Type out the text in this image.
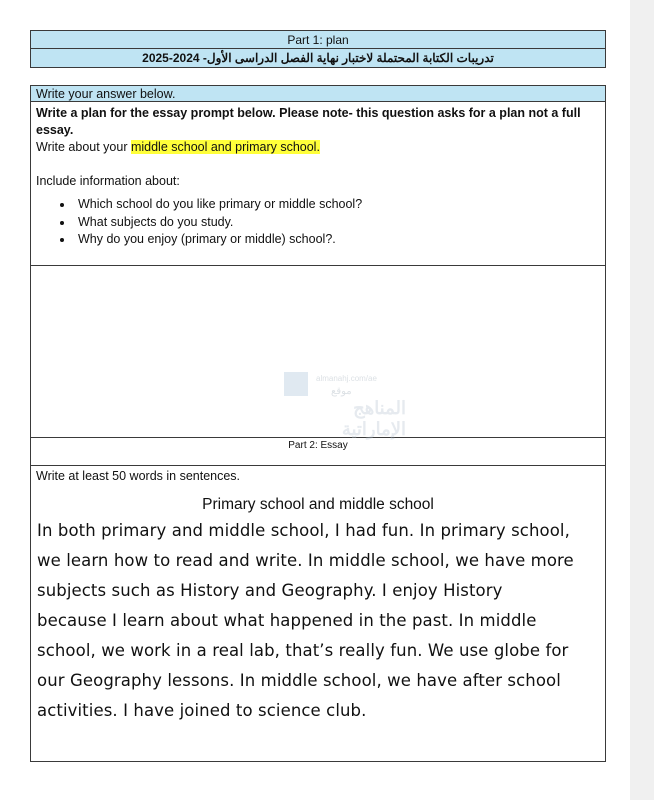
Part 1: plan
تدريبات الكتابة المحتملة لاختبار نهاية الفصل الدراسى الأول- 2024-2025
Write your answer below.
Write a plan for the essay prompt below. Please note- this question asks for a plan not a full essay.
Write about your middle school and primary school.
Include information about:
• Which school do you like primary or middle school?
• What subjects do you study.
• Why do you enjoy (primary or middle) school?.
almanahj.com/ae
موقع
المناهج الإماراتية
Part 2: Essay
Write at least 50 words in sentences.
Primary school and middle school
In both primary and middle school, I had fun. In primary school,
we learn how to read and write. In middle school, we have more
subjects such as History and Geography. I enjoy History
because I learn about what happened in the past. In middle
school, we work in a real lab, that’s really fun. We use globe for
our Geography lessons. In middle school, we have after school
activities. I have joined to science club.
